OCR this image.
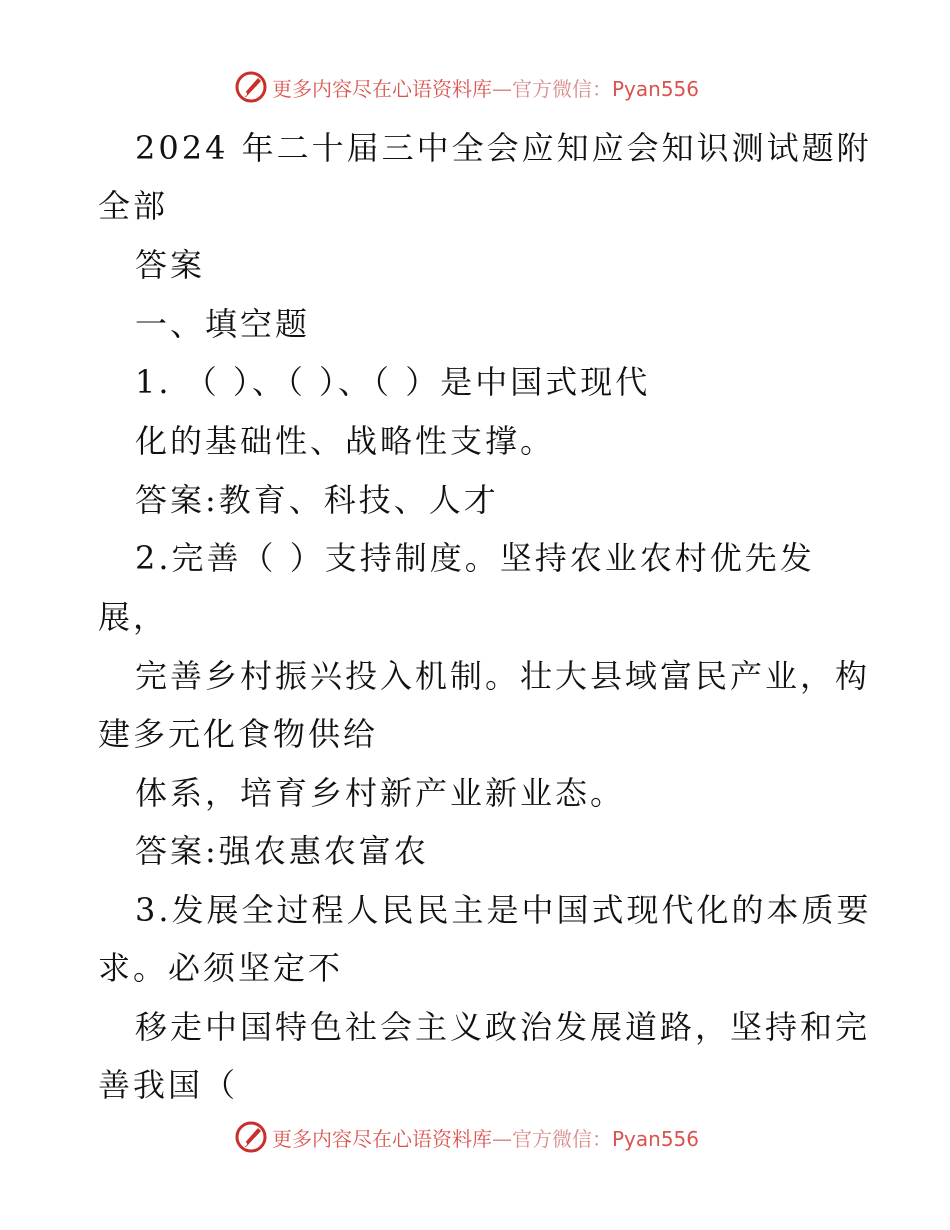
更多内容尽在心语资料库—官方微信：Pyan556
2024 年二十届三中全会应知应会知识测试题附
全部
答案
一、填空题
1. （ ）、（ ）、（ ）是中国式现代
化的基础性、战略性支撑。
答案:教育、科技、人才
2.完善（ ）支持制度。坚持农业农村优先发
展，
完善乡村振兴投入机制。壮大县域富民产业，构
建多元化食物供给
体系，培育乡村新产业新业态。
答案:强农惠农富农
3.发展全过程人民民主是中国式现代化的本质要
求。必须坚定不
移走中国特色社会主义政治发展道路，坚持和完
善我国（
更多内容尽在心语资料库—官方微信：Pyan556
